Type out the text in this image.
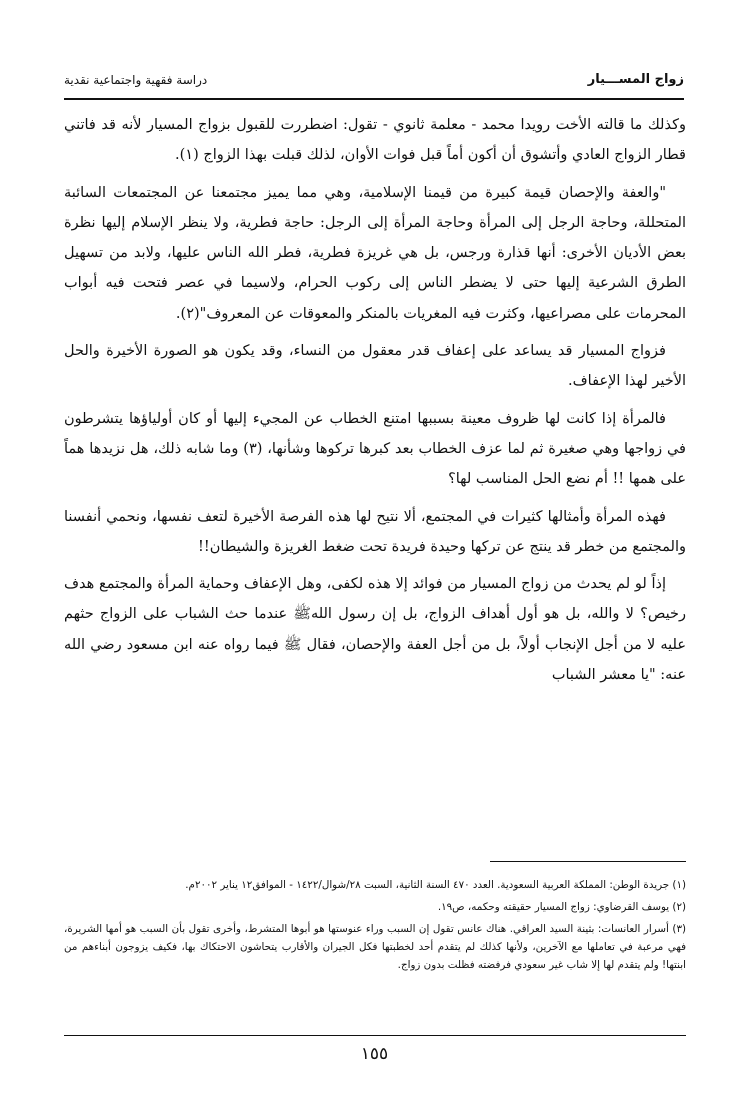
زواج المســـيار
دراسة فقهية واجتماعية نقدية

وكذلك ما قالته الأخت رويدا محمد - معلمة ثانوي - تقول: اضطررت للقبول بزواج المسيار لأنه قد فاتني قطار الزواج العادي وأتشوق أن أكون أماً قبل فوات الأوان، لذلك قبلت بهذا الزواج (١).

"والعفة والإحصان قيمة كبيرة من قيمنا الإسلامية، وهي مما يميز مجتمعنا عن المجتمعات السائبة المتحللة، وحاجة الرجل إلى المرأة وحاجة المرأة إلى الرجل: حاجة فطرية، ولا ينظر الإسلام إليها نظرة بعض الأديان الأخرى: أنها قذارة ورجس، بل هي غريزة فطرية، فطر الله الناس عليها، ولابد من تسهيل الطرق الشرعية إليها حتى لا يضطر الناس إلى ركوب الحرام، ولاسيما في عصر فتحت فيه أبواب المحرمات على مصراعيها، وكثرت فيه المغريات بالمنكر والمعوقات عن المعروف"(٢).

فزواج المسيار قد يساعد على إعفاف قدر معقول من النساء، وقد يكون هو الصورة الأخيرة والحل الأخير لهذا الإعفاف.

فالمرأة إذا كانت لها ظروف معينة بسببها امتنع الخطاب عن المجيء إليها أو كان أولياؤها يتشرطون في زواجها وهي صغيرة ثم لما عزف الخطاب بعد كبرها تركوها وشأنها، (٣) وما شابه ذلك، هل نزيدها هماً على همها !! أم نضع الحل المناسب لها؟

فهذه المرأة وأمثالها كثيرات في المجتمع، ألا نتيح لها هذه الفرصة الأخيرة لتعف نفسها، ونحمي أنفسنا والمجتمع من خطر قد ينتج عن تركها وحيدة فريدة تحت ضغط الغريزة والشيطان!!

إذاً لو لم يحدث من زواج المسيار من فوائد إلا هذه لكفى، وهل الإعفاف وحماية المرأة والمجتمع هدف رخيص؟ لا والله، بل هو أول أهداف الزواج، بل إن رسول اللهﷺ عندما حث الشباب على الزواج حثهم عليه لا من أجل الإنجاب أولاً، بل من أجل العفة والإحصان، فقال ﷺ فيما رواه عنه ابن مسعود رضي الله عنه: "يا معشر الشباب

(١) جريدة الوطن: المملكة العربية السعودية. العدد ٤٧٠ السنة الثانية، السبت ٢٨/شوال/١٤٢٢ - الموافق١٢ يناير ٢٠٠٢م.

(٢) يوسف القرضاوي: زواج المسيار حقيقته وحكمه، ص١٩.

(٣) أسرار العانسات: بثينة السيد العراقي. هناك عانس تقول إن السبب وراء عنوستها هو أبوها المتشرط، وأخرى تقول بأن السبب هو أمها الشريرة، فهي مرعبة في تعاملها مع الآخرين، ولأنها كذلك لم يتقدم أحد لخطبتها فكل الجيران والأقارب يتحاشون الاحتكاك بها، فكيف يزوجون أبناءهم من ابنتها! ولم يتقدم لها إلا شاب غير سعودي فرفضته فظلت بدون زواج.

١٥٥
